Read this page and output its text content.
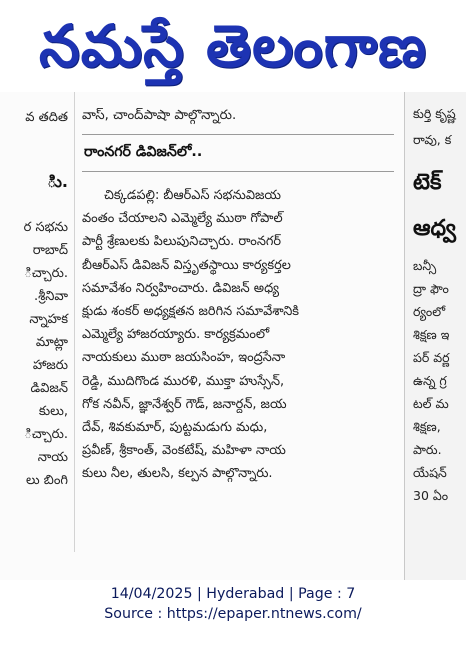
నమస్తే తెలంగాణ
వ తదిత
ిు.
ర సభను
రాబాద్
ిచ్చారు.
.శ్రీనివా
న్నాహక
మాట్లా
హాజరు
డివిజన్
కులు,
ిచ్చారు.
నాయ
లు బింగి
వాస్, చాంద్‌పాషా పాల్గొన్నారు.
రాంనగర్ డివిజన్‌లో..
చిక్కడపల్లి: బీఆర్ఎస్ సభనువిజయ
వంతం చేయాలని ఎమ్మెల్యే ముఠా గోపాల్
పార్టీ శ్రేణులకు పిలుపునిచ్చారు. రాంనగర్
బీఆర్ఎస్ డివిజన్ విస్తృతస్థాయి కార్యకర్తల
సమావేశం నిర్వహించారు. డివిజన్ అధ్య
క్షుడు శంకర్ అధ్యక్షతన జరిగిన సమావేశానికి
ఎమ్మెల్యే హాజరయ్యారు. కార్యక్రమంలో
నాయకులు ముఠా జయసింహ, ఇంద్రసేనా
రెడ్డి, ముదిగొండ మురళి, ముక్తా హుస్సేన్,
గోక నవీన్, జ్ఞానేశ్వర్ గౌడ్, జనార్దన్, జయ
దేవ్, శివకుమార్, పుట్టమడుగు మధు,
ప్రవీణ్, శ్రీకాంత్, వెంకటేష్, మహిళా నాయ
కులు నీల, తులసి, కల్పన పాల్గొన్నారు.
కుర్తి కృష్ణ
రావు, క
టెక్
ఆధ్వ
బన్సీ
ద్రా ఫౌం
ర్యంలో
శిక్షణ ఇ
పర్ వర్ణ
ఉన్న గ్ర
టల్ మ
శిక్షణ,
పారు.
యేషన్
30 ఏం
14/04/2025 | Hyderabad | Page : 7
Source : https://epaper.ntnews.com/
